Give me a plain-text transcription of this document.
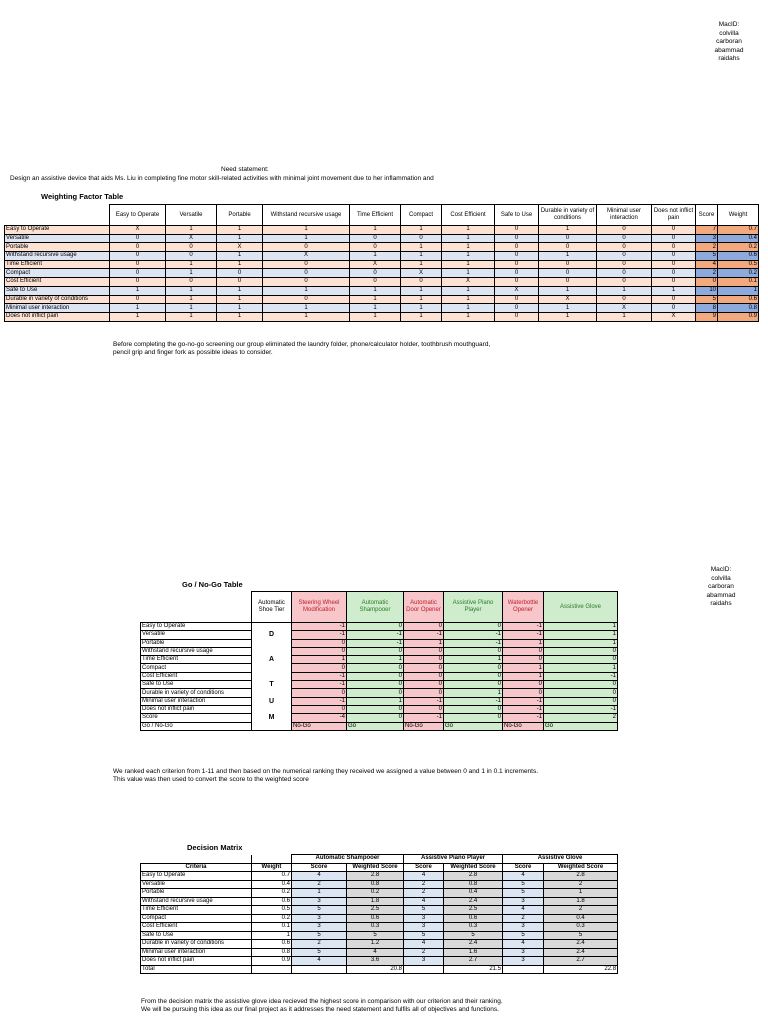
MacID:
colvilla
carboran
abammad
raidahs
Need statement:
Design an assistive device that aids Ms. Liu in completing fine motor skill-related activities with minimal joint movement due to her inflammation and
Weighting Factor Table
	Easy to Operate	Versatile	Portable	Withstand recursive usage	Time Efficient	Compact	Cost Efficient	Safe to Use	Durable in variety of conditions	Minimal user interaction	Does not inflict pain	Score	Weight
Easy to Operate	X	1	1	1	1	1	1	0	1	0	0	7	0.7
Versatile	0	X	1	1	0	0	1	0	0	0	0	3	0.4
Portable	0	0	X	0	0	1	1	0	0	0	0	2	0.2
Withstand recursive usage	0	0	1	X	1	1	1	0	1	0	0	5	0.6
Time Efficient	0	1	1	0	X	1	1	0	0	0	0	4	0.5
Compact	0	1	0	0	0	X	1	0	0	0	0	2	0.2
Cost Efficient	0	0	0	0	0	0	X	0	0	0	0	0	0.1
Safe to Use	1	1	1	1	1	1	1	X	1	1	1	10	1
Durable in variety of conditions	0	1	1	0	1	1	1	0	X	0	0	5	0.6
Minimal user interaction	1	1	1	1	1	1	1	0	1	X	0	8	0.8
Does not inflict pain	1	1	1	1	1	1	1	0	1	1	X	9	0.9
Before completing the go-no-go screening our group eliminated the laundry folder, phone/calculator holder, toothbrush mouthguard,
pencil grip and finger fork as possible ideas to consider.
MacID:
colvilla
carboran
abammad
raidahs
Go / No-Go Table
	Automatic Shoe Tier	Steering Wheel Modification	Automatic Shampooer	Automatic Door Opener	Assistive Piano Player	Waterbottle Opener	Assistive Glove
Easy to Operate		-1	0	0	0	-1	1
Versatile	D	-1	-1	-1	-1	-1	1
Portable		0	-1	1	-1	1	1
Withstand recursive usage		0	0	0	0	0	0
Time Efficient	A	1	1	0	1	0	0
Compact		0	0	0	0	1	1
Cost Efficient		-1	0	0	0	1	-1
Safe to Use	T	-1	0	0	0	0	0
Durable in variety of conditions		0	0	0	1	0	0
Minimal user interaction	U	-1	1	-1	-1	-1	0
Does not inflict pain		0	0	0	0	-1	-1
Score	M	-4	0	-1	0	-1	2
Go / No-Go		No-Go	Go	No-Go	Go	No-Go	Go
We ranked each criterion from 1-11 and then based on the numerical ranking they received we assigned a value between 0 and 1 in 0.1 increments.
This value was then used to convert the score to the weighted score
Decision Matrix
		Automatic Shampooer		Assistive Piano Player		Assistive Glove	
Criteria	Weight	Score	Weighted Score	Score	Weighted Score	Score	Weighted Score
Easy to Operate	0.7	4	2.8	4	2.8	4	2.8
Versatile	0.4	2	0.8	2	0.8	5	2
Portable	0.2	1	0.2	2	0.4	5	1
Withstand recursive usage	0.6	3	1.8	4	2.4	3	1.8
Time Efficient	0.5	5	2.5	5	2.5	4	2
Compact	0.2	3	0.6	3	0.6	2	0.4
Cost Efficient	0.1	3	0.3	3	0.3	3	0.3
Safe to Use	1	5	5	5	5	5	5
Durable in variety of conditions	0.6	2	1.2	4	2.4	4	2.4
Minimal user interaction	0.8	5	4	2	1.6	3	2.4
Does not inflict pain	0.9	4	3.6	3	2.7	3	2.7
Total			20.8		21.5		22.8
From the decision matrix the assistive glove idea recieved the highest score in comparison with our criterion and their ranking.
We will be pursuing this idea as our final project as it addresses the need statement and fulfils all of objectives and functions.
